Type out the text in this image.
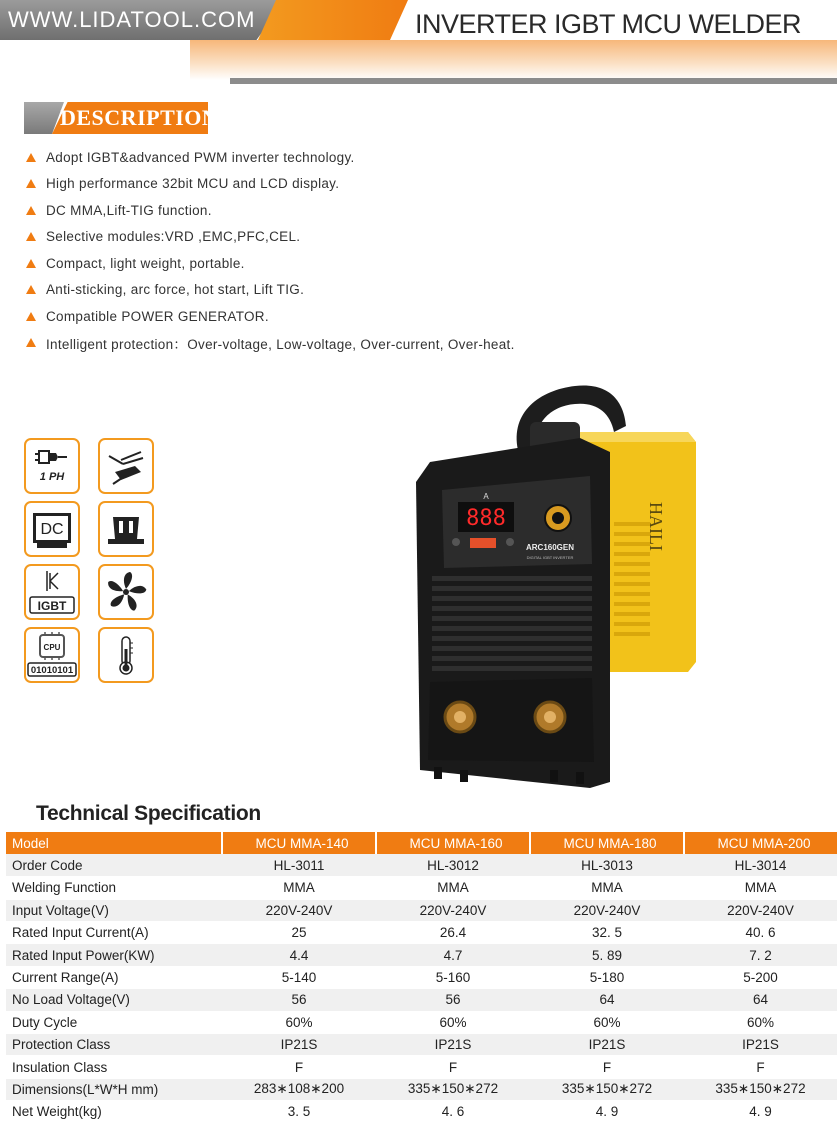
WWW.LIDATOOL.COM	INVERTER IGBT MCU WELDER
DESCRIPTION
Adopt IGBT&advanced PWM inverter technology.
High performance 32bit MCU and LCD display.
DC MMA,Lift-TIG function.
Selective modules:VRD ,EMC,PFC,CEL.
Compact, light weight, portable.
Anti-sticking, arc force, hot start, Lift TIG.
Compatible POWER GENERATOR.
Intelligent protection：Over-voltage, Low-voltage, Over-current, Over-heat.
1 PH
DC
IGBT
CPU
01010101
HAILI
888
A
ARC160GEN
DIGITAL IGBT INVERTER
Technical Specification
Model	MCU MMA-140	MCU MMA-160	MCU MMA-180	MCU MMA-200
Order Code	HL-3011	HL-3012	HL-3013	HL-3014
Welding Function	MMA	MMA	MMA	MMA
Input Voltage(V)	220V-240V	220V-240V	220V-240V	220V-240V
Rated Input Current(A)	25	26.4	32. 5	40. 6
Rated Input Power(KW)	4.4	4.7	5. 89	7. 2
Current Range(A)	5-140	5-160	5-180	5-200
No Load Voltage(V)	56	56	64	64
Duty Cycle	60%	60%	60%	60%
Protection Class	IP21S	IP21S	IP21S	IP21S
Insulation Class	F	F	F	F
Dimensions(L*W*H mm)	283∗108∗200	335∗150∗272	335∗150∗272	335∗150∗272
Net Weight(kg)	3. 5	4. 6	4. 9	4. 9
